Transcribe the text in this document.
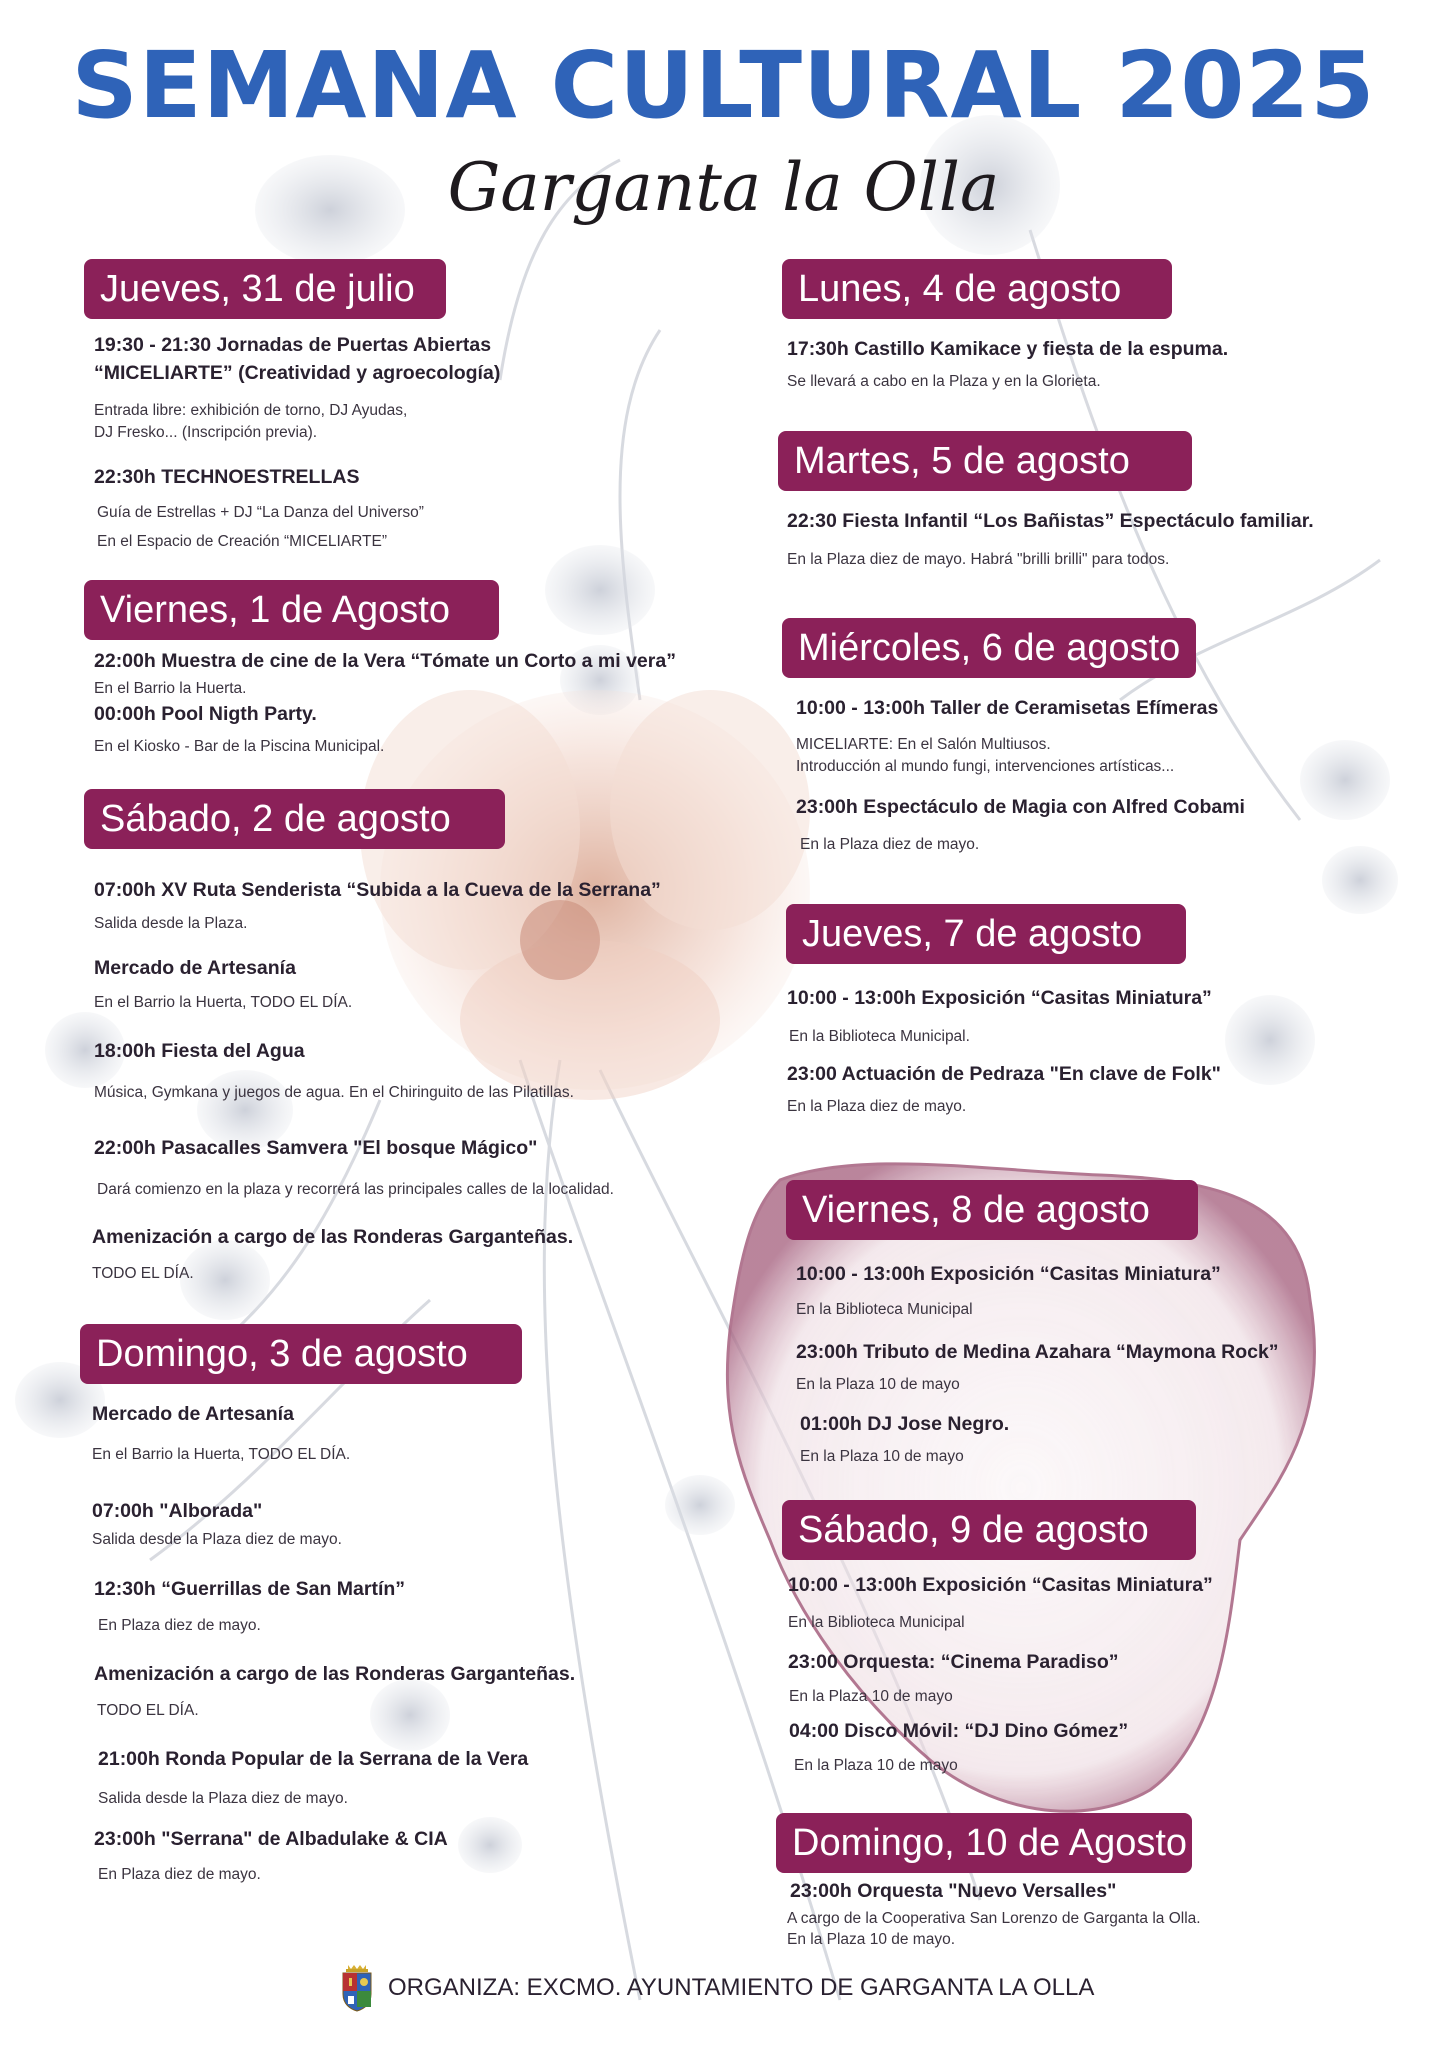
SEMANA CULTURAL 2025
Garganta la Olla
Jueves, 31 de julio
19:30 - 21:30 Jornadas de Puertas Abiertas
“MICELIARTE” (Creatividad y agroecología)
Entrada libre: exhibición de torno, DJ Ayudas,
DJ Fresko... (Inscripción previa).
22:30h TECHNOESTRELLAS
Guía de Estrellas + DJ “La Danza del Universo”
En el Espacio de Creación “MICELIARTE”
Viernes, 1 de Agosto
22:00h Muestra de cine de la Vera “Tómate un Corto a mi vera”
En el Barrio la Huerta.
00:00h Pool Nigth Party.
En el Kiosko - Bar de la Piscina Municipal.
Sábado, 2 de agosto
07:00h XV Ruta Senderista “Subida a la Cueva de la Serrana”
Salida desde la Plaza.
Mercado de Artesanía
En el Barrio la Huerta, TODO EL DÍA.
18:00h Fiesta del Agua
Música, Gymkana y juegos de agua. En el Chiringuito de las Pilatillas.
22:00h Pasacalles Samvera "El bosque Mágico"
Dará comienzo en la plaza y recorrerá las principales calles de la localidad.
Amenización a cargo de las Ronderas Garganteñas.
TODO EL DÍA.
Domingo, 3 de agosto
Mercado de Artesanía
En el Barrio la Huerta, TODO EL DÍA.
07:00h "Alborada"
Salida desde la Plaza diez de mayo.
12:30h “Guerrillas de San Martín”
En Plaza diez de mayo.
Amenización a cargo de las Ronderas Garganteñas.
TODO EL DÍA.
21:00h Ronda Popular de la Serrana de la Vera
Salida desde la Plaza diez de mayo.
23:00h "Serrana" de Albadulake & CIA
En Plaza diez de mayo.
Lunes, 4 de agosto
17:30h Castillo Kamikace y fiesta de la espuma.
Se llevará a cabo en la Plaza y en la Glorieta.
Martes, 5 de agosto
22:30 Fiesta Infantil “Los Bañistas” Espectáculo familiar.
En la Plaza diez de mayo. Habrá "brilli brilli" para todos.
Miércoles, 6 de agosto
10:00 - 13:00h Taller de Ceramisetas Efímeras
MICELIARTE: En el Salón Multiusos.
Introducción al mundo fungi, intervenciones artísticas...
23:00h Espectáculo de Magia con Alfred Cobami
En la Plaza diez de mayo.
Jueves, 7 de agosto
10:00 - 13:00h Exposición “Casitas Miniatura”
En la Biblioteca Municipal.
23:00 Actuación de Pedraza "En clave de Folk"
En la Plaza diez de mayo.
Viernes, 8 de agosto
10:00 - 13:00h Exposición “Casitas Miniatura”
En la Biblioteca Municipal
23:00h Tributo de Medina Azahara “Maymona Rock”
En la Plaza 10 de mayo
01:00h DJ Jose Negro.
En la Plaza 10 de mayo
Sábado, 9 de agosto
10:00 - 13:00h Exposición “Casitas Miniatura”
En la Biblioteca Municipal
23:00 Orquesta: “Cinema Paradiso”
En la Plaza 10 de mayo
04:00 Disco Móvil: “DJ Dino Gómez”
En la Plaza 10 de mayo
Domingo, 10 de Agosto
23:00h Orquesta "Nuevo Versalles"
A cargo de la Cooperativa San Lorenzo de Garganta la Olla.
En la Plaza 10 de mayo.
ORGANIZA: EXCMO. AYUNTAMIENTO DE GARGANTA LA OLLA
